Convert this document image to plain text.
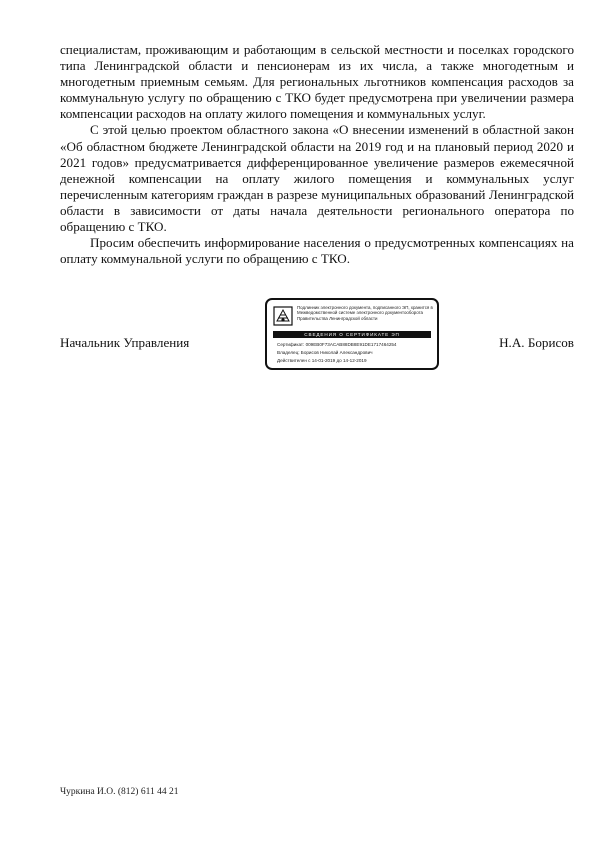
специалистам, проживающим и работающим в сельской местности и поселках городского типа Ленинградской области и пенсионерам из их числа, а также многодетным и многодетным приемным семьям. Для региональных льготников компенсация расходов за коммунальную услугу по обращению с ТКО будет предусмотрена при увеличении размера компенсации расходов на оплату жилого помещения и коммунальных услуг.

С этой целью проектом областного закона «О внесении изменений в областной закон «Об областном бюджете Ленинградской области на 2019 год и на плановый период 2020 и 2021 годов» предусматривается дифференцированное увеличение размеров ежемесячной денежной компенсации на оплату жилого помещения и коммунальных услуг перечисленным категориям граждан в разрезе муниципальных образований Ленинградской области в зависимости от даты начала деятельности регионального оператора по обращению с ТКО.

Просим обеспечить информирование населения о предусмотренных компенсациях на оплату коммунальной услуги по обращению с ТКО.

Начальник Управления
Подлинник электронного документа, подписанного ЭП, хранится в Межведомственной системе электронного документооборота Правительства Ленинградской области
СВЕДЕНИЯ О СЕРТИФИКАТЕ ЭП
Сертификат: 009EB0F73ACAB88DB8E91DE1717464254
Владелец: Борисов Николай Александрович
Действителен с 14-01-2019 до 14-12-2019
Н.А. Борисов
Чуркина И.О. (812) 611 44 21
